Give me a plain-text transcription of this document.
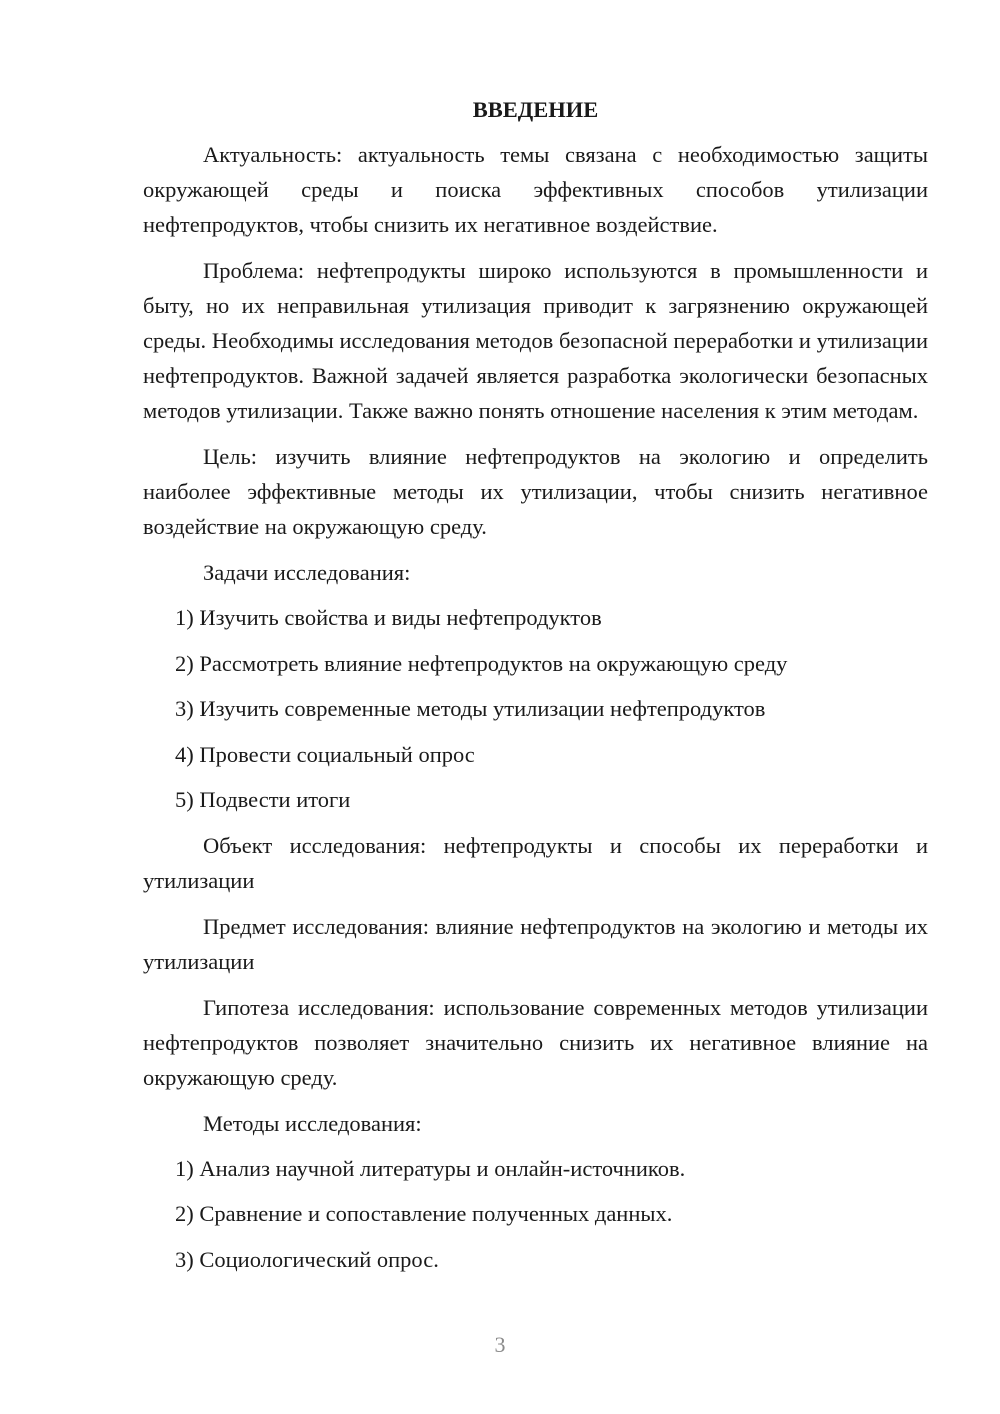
ВВЕДЕНИЕ

Актуальность: актуальность темы связана с необходимостью защиты окружающей среды и поиска эффективных способов утилизации нефтепродуктов, чтобы снизить их негативное воздействие.

Проблема: нефтепродукты широко используются в промышленности и быту, но их неправильная утилизация приводит к загрязнению окружающей среды. Необходимы исследования методов безопасной переработки и утилизации нефтепродуктов. Важной задачей является разработка экологически безопасных методов утилизации. Также важно понять отношение населения к этим методам.

Цель: изучить влияние нефтепродуктов на экологию и определить наиболее эффективные методы их утилизации, чтобы снизить негативное воздействие на окружающую среду.

Задачи исследования:

1) Изучить свойства и виды нефтепродуктов
2) Рассмотреть влияние нефтепродуктов на окружающую среду
3) Изучить современные методы утилизации нефтепродуктов
4) Провести социальный опрос
5) Подвести итоги

Объект исследования: нефтепродукты и способы их переработки и утилизации

Предмет исследования: влияние нефтепродуктов на экологию и методы их утилизации

Гипотеза исследования: использование современных методов утилизации нефтепродуктов позволяет значительно снизить их негативное влияние на окружающую среду.

Методы исследования:

1) Анализ научной литературы и онлайн-источников.
2) Сравнение и сопоставление полученных данных.
3) Социологический опрос.
3
